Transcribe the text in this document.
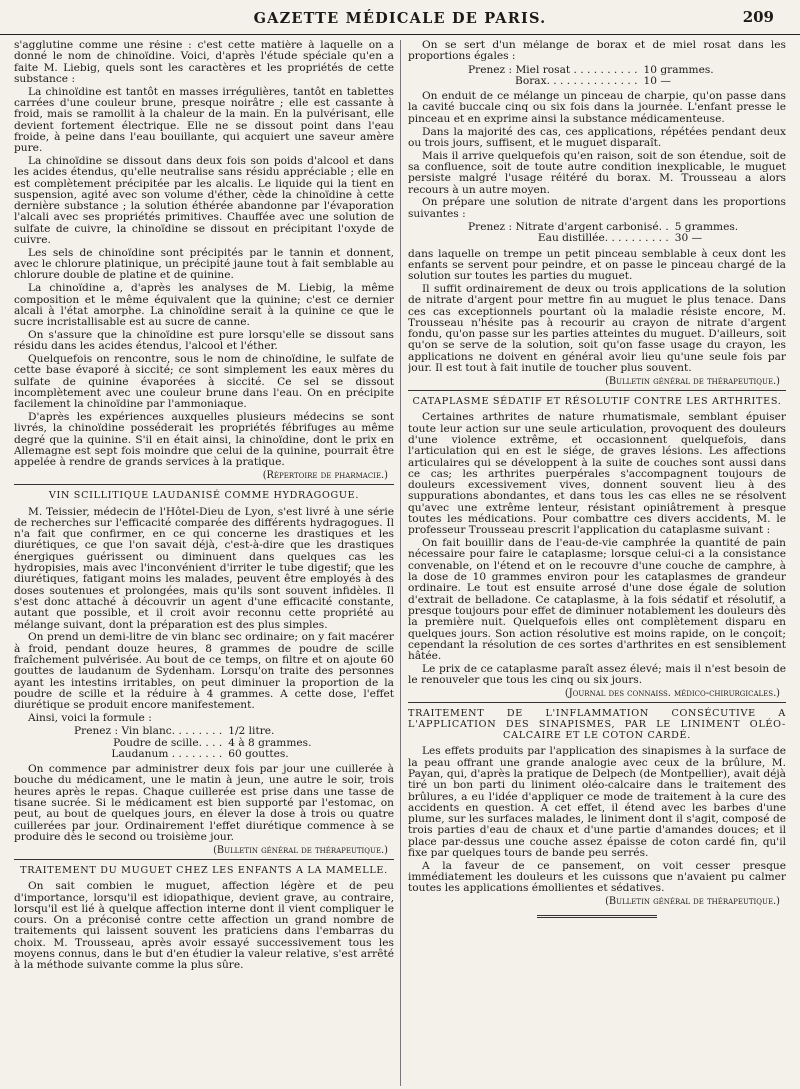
GAZETTE MÉDICALE DE PARIS.	209

s'agglutine comme une résine : c'est cette matière à laquelle on a donné le nom de chinoïdine. Voici, d'après l'étude spéciale qu'en a faite M. Liebig, quels sont les caractères et les propriétés de cette substance :

La chinoïdine est tantôt en masses irrégulières, tantôt en tablettes carrées d'une couleur brune, presque noirâtre ; elle est cassante à froid, mais se ramollit à la chaleur de la main. En la pulvérisant, elle devient fortement électrique. Elle ne se dissout point dans l'eau froide, à peine dans l'eau bouillante, qui acquiert une saveur amère pure.

La chinoïdine se dissout dans deux fois son poids d'alcool et dans les acides étendus, qu'elle neutralise sans résidu appréciable ; elle en est complètement précipitée par les alcalis. Le liquide qui la tient en suspension, agité avec son volume d'éther, cède la chinoïdine à cette dernière substance ; la solution éthérée abandonne par l'évaporation l'alcali avec ses propriétés primitives. Chauffée avec une solution de sulfate de cuivre, la chinoïdine se dissout en précipitant l'oxyde de cuivre.

Les sels de chinoïdine sont précipités par le tannin et donnent, avec le chlorure platinique, un précipité jaune tout à fait semblable au chlorure double de platine et de quinine.

La chinoïdine a, d'après les analyses de M. Liebig, la même composition et le même équivalent que la quinine; c'est ce dernier alcali à l'état amorphe. La chinoïdine serait à la quinine ce que le sucre incristallisable est au sucre de canne.

On s'assure que la chinoïdine est pure lorsqu'elle se dissout sans résidu dans les acides étendus, l'alcool et l'éther.

Quelquefois on rencontre, sous le nom de chinoïdine, le sulfate de cette base évaporé à siccité; ce sont simplement les eaux mères du sulfate de quinine évaporées à siccité. Ce sel se dissout incomplètement avec une couleur brune dans l'eau. On en précipite facilement la chinoïdine par l'ammoniaque.

D'après les expériences auxquelles plusieurs médecins se sont livrés, la chinoïdine posséderait les propriétés fébrifuges au même degré que la quinine. S'il en était ainsi, la chinoïdine, dont le prix en Allemagne est sept fois moindre que celui de la quinine, pourrait être appelée à rendre de grands services à la pratique.

(Répertoire de pharmacie.)

VIN SCILLITIQUE LAUDANISÉ COMME HYDRAGOGUE.

M. Teissier, médecin de l'Hôtel-Dieu de Lyon, s'est livré à une série de recherches sur l'efficacité comparée des différents hydragogues. Il n'a fait que confirmer, en ce qui concerne les drastiques et les diurétiques, ce que l'on savait déjà, c'est-à-dire que les drastiques énergiques guérissent ou diminuent dans quelques cas les hydropisies, mais avec l'inconvénient d'irriter le tube digestif; que les diurétiques, fatigant moins les malades, peuvent être employés à des doses soutenues et prolongées, mais qu'ils sont souvent infidèles. Il s'est donc attaché à découvrir un agent d'une efficacité constante, autant que possible, et il croit avoir reconnu cette propriété au mélange suivant, dont la préparation est des plus simples.

On prend un demi-litre de vin blanc sec ordinaire; on y fait macérer à froid, pendant douze heures, 8 grammes de poudre de scille fraîchement pulvérisée. Au bout de ce temps, on filtre et on ajoute 60 gouttes de laudanum de Sydenham. Lorsqu'on traite des personnes ayant les intestins irritables, on peut diminuer la proportion de la poudre de scille et la réduire à 4 grammes. A cette dose, l'effet diurétique se produit encore manifestement.

Ainsi, voici la formule :

Prenez : Vin blanc. . . . . . . .	1/2 litre.
Poudre de scille. . . .	4 à 8 grammes.
Laudanum . . . . . . . .	60 gouttes.

On commence par administrer deux fois par jour une cuillerée à bouche du médicament, une le matin à jeun, une autre le soir, trois heures après le repas. Chaque cuillerée est prise dans une tasse de tisane sucrée. Si le médicament est bien supporté par l'estomac, on peut, au bout de quelques jours, en élever la dose à trois ou quatre cuillerées par jour. Ordinairement l'effet diurétique commence à se produire dès le second ou troisième jour.

(Bulletin général de thérapeutique.)

TRAITEMENT DU MUGUET CHEZ LES ENFANTS A LA MAMELLE.

On sait combien le muguet, affection légère et de peu d'importance, lorsqu'il est idiopathique, devient grave, au contraire, lorsqu'il est lié à quelque affection interne dont il vient compliquer le cours. On a préconisé contre cette affection un grand nombre de traitements qui laissent souvent les praticiens dans l'embarras du choix. M. Trousseau, après avoir essayé successivement tous les moyens connus, dans le but d'en étudier la valeur relative, s'est arrêté à la méthode suivante comme la plus sûre.

On se sert d'un mélange de borax et de miel rosat dans les proportions égales :

Prenez : Miel rosat . . . . . . . . . .	10 grammes.
Borax. . . . . . . . . . . . . .	10 —

On enduit de ce mélange un pinceau de charpie, qu'on passe dans la cavité buccale cinq ou six fois dans la journée. L'enfant presse le pinceau et en exprime ainsi la substance médicamenteuse.

Dans la majorité des cas, ces applications, répétées pendant deux ou trois jours, suffisent, et le muguet disparaît.

Mais il arrive quelquefois qu'en raison, soit de son étendue, soit de sa confluence, soit de toute autre condition inexplicable, le muguet persiste malgré l'usage réitéré du borax. M. Trousseau a alors recours à un autre moyen.

On prépare une solution de nitrate d'argent dans les proportions suivantes :

Prenez : Nitrate d'argent carbonisé. .	5 grammes.
Eau distillée. . . . . . . . . .	30 —

dans laquelle on trempe un petit pinceau semblable à ceux dont les enfants se servent pour peindre, et on passe le pinceau chargé de la solution sur toutes les parties du muguet.

Il suffit ordinairement de deux ou trois applications de la solution de nitrate d'argent pour mettre fin au muguet le plus tenace. Dans ces cas exceptionnels pourtant où la maladie résiste encore, M. Trousseau n'hésite pas à recourir au crayon de nitrate d'argent fondu, qu'on passe sur les parties atteintes du muguet. D'ailleurs, soit qu'on se serve de la solution, soit qu'on fasse usage du crayon, les applications ne doivent en général avoir lieu qu'une seule fois par jour. Il est tout à fait inutile de toucher plus souvent.

(Bulletin général de thérapeutique.)

CATAPLASME SÉDATIF ET RÉSOLUTIF CONTRE LES ARTHRITES.

Certaines arthrites de nature rhumatismale, semblant épuiser toute leur action sur une seule articulation, provoquent des douleurs d'une violence extrême, et occasionnent quelquefois, dans l'articulation qui en est le siége, de graves lésions. Les affections articulaires qui se développent à la suite de couches sont aussi dans ce cas; les arthrites puerpérales s'accompagnent toujours de douleurs excessivement vives, donnent souvent lieu à des suppurations abondantes, et dans tous les cas elles ne se résolvent qu'avec une extrême lenteur, résistant opiniâtrement à presque toutes les médications. Pour combattre ces divers accidents, M. le professeur Trousseau prescrit l'application du cataplasme suivant :

On fait bouillir dans de l'eau-de-vie camphrée la quantité de pain nécessaire pour faire le cataplasme; lorsque celui-ci a la consistance convenable, on l'étend et on le recouvre d'une couche de camphre, à la dose de 10 grammes environ pour les cataplasmes de grandeur ordinaire. Le tout est ensuite arrosé d'une dose égale de solution d'extrait de belladone. Ce cataplasme, à la fois sédatif et résolutif, a presque toujours pour effet de diminuer notablement les douleurs dès la première nuit. Quelquefois elles ont complètement disparu en quelques jours. Son action résolutive est moins rapide, on le conçoit; cependant la résolution de ces sortes d'arthrites en est sensiblement hâtée.

Le prix de ce cataplasme paraît assez élevé; mais il n'est besoin de le renouveler que tous les cinq ou six jours.

(Journal des connaiss. médico-chirurgicales.)

TRAITEMENT DE L'INFLAMMATION CONSÉCUTIVE A L'APPLICATION DES SINAPISMES, PAR LE LINIMENT OLÉO-CALCAIRE ET LE COTON CARDÉ.

Les effets produits par l'application des sinapismes à la surface de la peau offrant une grande analogie avec ceux de la brûlure, M. Payan, qui, d'après la pratique de Delpech (de Montpellier), avait déjà tiré un bon parti du liniment oléo-calcaire dans le traitement des brûlures, a eu l'idée d'appliquer ce mode de traitement à la cure des accidents en question. A cet effet, il étend avec les barbes d'une plume, sur les surfaces malades, le liniment dont il s'agit, composé de trois parties d'eau de chaux et d'une partie d'amandes douces; et il place par-dessus une couche assez épaisse de coton cardé fin, qu'il fixe par quelques tours de bande peu serrés.

A la faveur de ce pansement, on voit cesser presque immédiatement les douleurs et les cuissons que n'avaient pu calmer toutes les applications émollientes et sédatives.

(Bulletin général de thérapeutique.)
